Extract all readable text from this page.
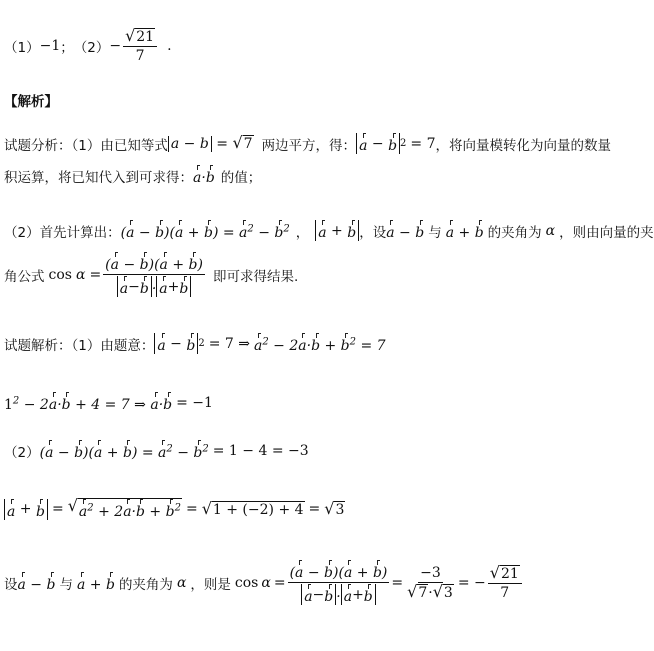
（1） −1 ； $(2) - \frac{√ 21}{7}$ .
【解析】
试题分析：（1）由已知等式 a − b = √ 7 两边平方，得： a − b 2 = 7 ，将向量模转化为向量的数量
积运算，将已知代入到可求得： a·b 的值；
（2）首先计算出： $(a - b)(a + b) = a^2 - b^2$ ， a + b ，设 a − b 与 a + b 的夹角为 α ，则由向量的夹
角公式 $\cos \alpha = \frac{(a - b)(a + b)}{a - b \cdot a + b}$ 即可求得结果.
试题解析：（1）由题意： a − b 2 = 7 ⇒ $a^2 - 2a\cdot b + b^2 = 7$
$1^2 - 2a\cdot b + 4 = 7$ ⇒ a·b = −1
（2） $(a - b)(a + b) = a^2 - b^2 = 1 - 4 = -3$
a + b = √ $a^2 + 2a\cdot b + b^2$ = √ 1 + (−2) + 4 = √ 3
设 a − b 与 a + b 的夹角为 α ，则是 $\cos \alpha = \frac{(a - b)(a + b)}{a - b \cdot a + b} = \frac{-3}{√ 7 \cdot √ 3}$ = − $\frac{√ 21}{7}$
